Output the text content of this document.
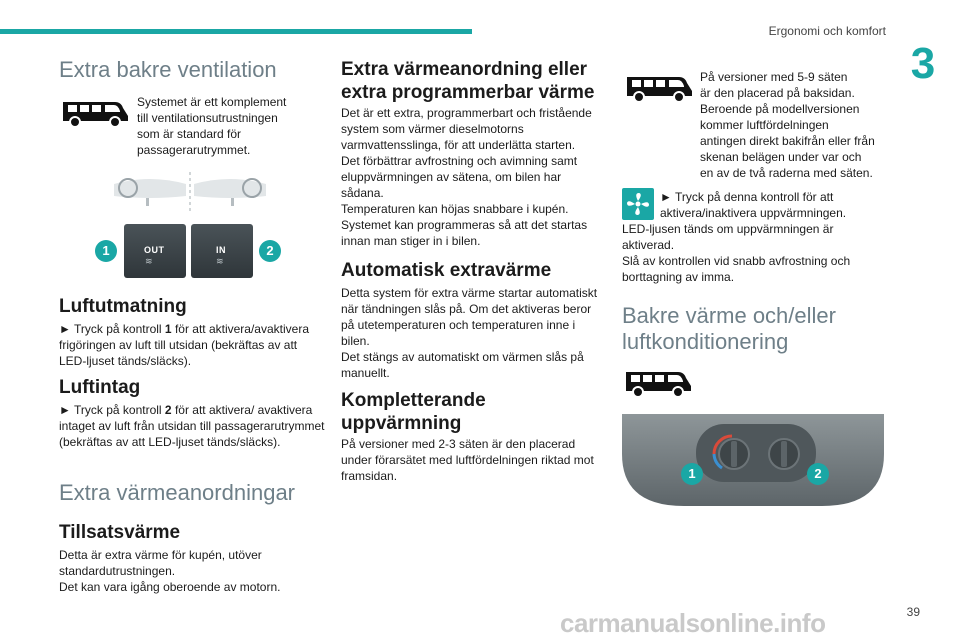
Ergonomi och komfort
3
Extra bakre ventilation

Systemet är ett komplement
till ventilationsutrustningen
som är standard för
passagerarutrymmet.

OUT
≋
IN
≋
1	2
Luftutmatning

► Tryck på kontroll 1 för att aktivera/avaktivera frigöringen av luft till utsidan (bekräftas av att LED-ljuset tänds/släcks).

Luftintag

► Tryck på kontroll 2 för att aktivera/ avaktivera intaget av luft från utsidan till passagerarutrymmet (bekräftas av att LED-ljuset tänds/släcks).

Extra värmeanordningar
Tillsatsvärme

Detta är extra värme för kupén, utöver standardutrustningen.
Det kan vara igång oberoende av motorn.

Extra värmeanordning eller extra programmerbar värme

Det är ett extra, programmerbart och fristående system som värmer dieselmotorns varmvattensslinga, för att underlätta starten.
Det förbättrar avfrostning och avimning samt eluppvärmningen av sätena, om bilen har sådana.
Temperaturen kan höjas snabbare i kupén.
Systemet kan programmeras så att det startas innan man stiger in i bilen.

Automatisk extravärme

Detta system för extra värme startar automatiskt när tändningen slås på. Om det aktiveras beror på utetemperaturen och temperaturen inne i bilen.
Det stängs av automatiskt om värmen slås på manuellt.

Kompletterande uppvärmning

På versioner med 2-3 säten är den placerad under förarsätet med luftfördelningen riktad mot framsidan.

På versioner med 5-9 säten
är den placerad på baksidan.
Beroende på modellversionen
kommer luftfördelningen
antingen direkt bakifrån eller från
skenan belägen under var och
en av de två raderna med säten.

► Tryck på denna kontroll för att
aktivera/inaktivera uppvärmningen.

LED-ljusen tänds om uppvärmningen är aktiverad.
Slå av kontrollen vid snabb avfrostning och borttagning av imma.

Bakre värme och/eller luftkonditionering
1	2
carmanualsonline.info	39
